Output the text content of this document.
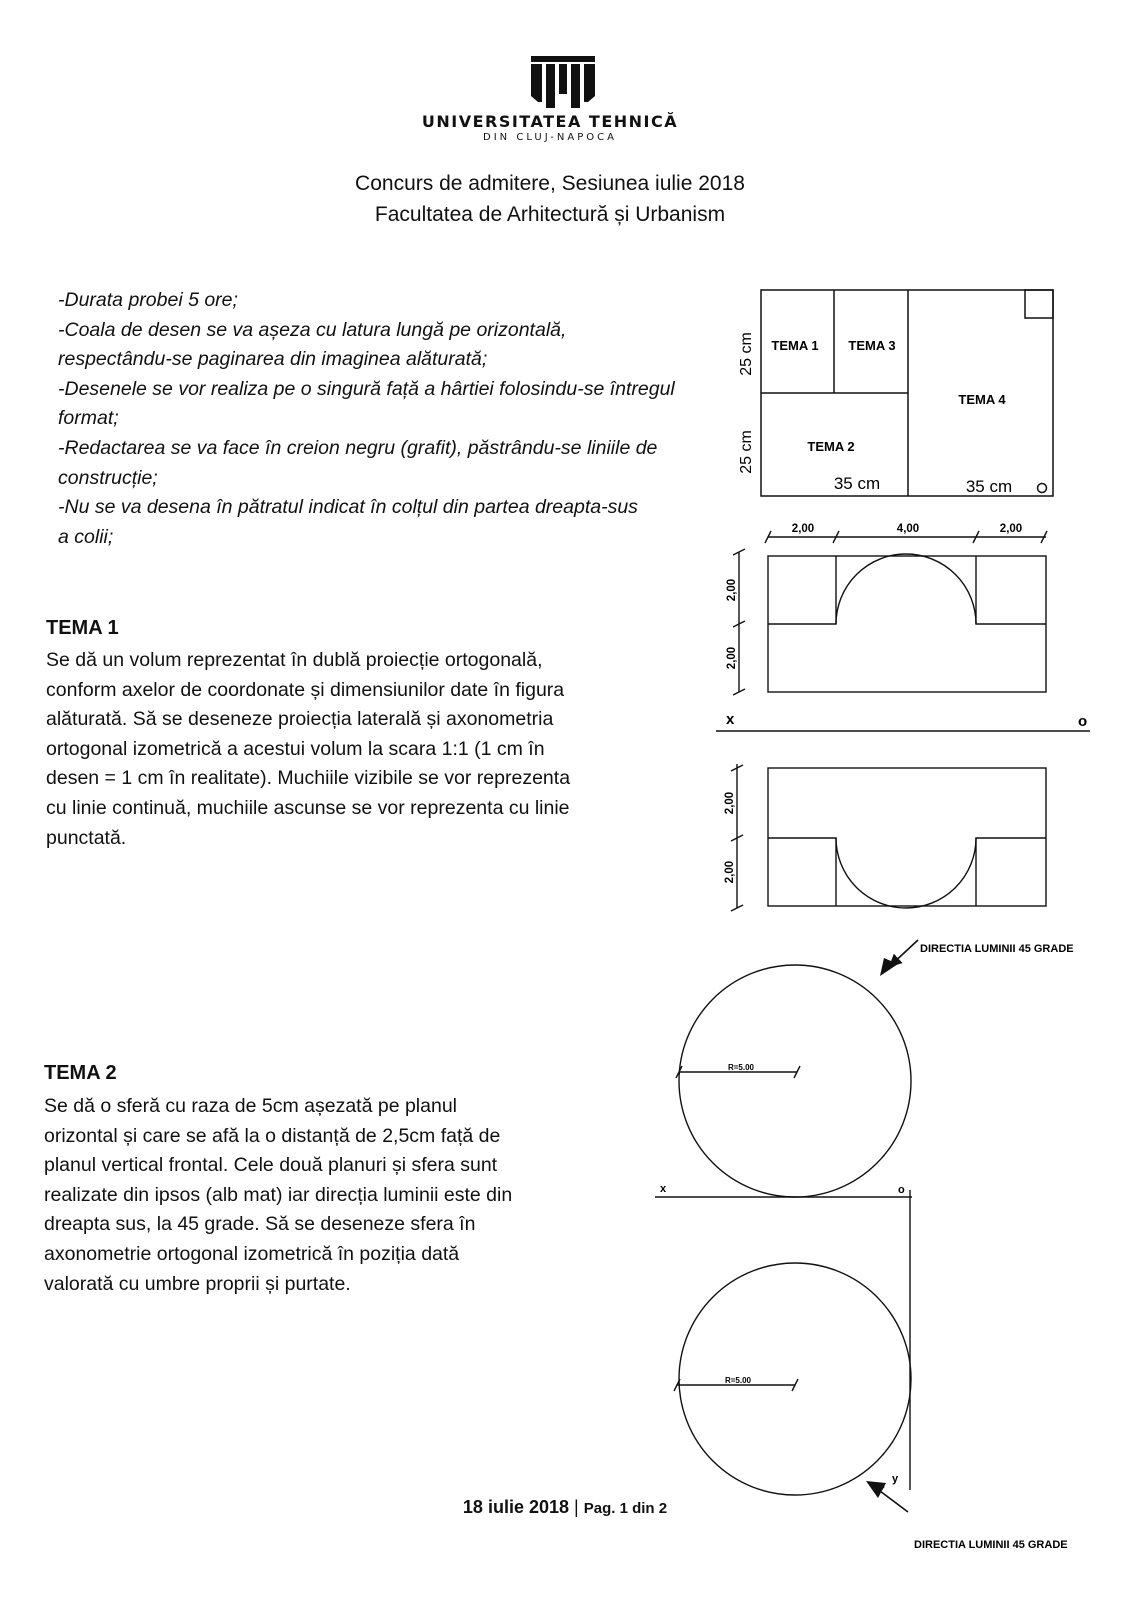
UNIVERSITATEA TEHNICĂ
DIN CLUJ-NAPOCA
Concurs de admitere, Sesiunea iulie 2018
Facultatea de Arhitectură și Urbanism
-Durata probei 5 ore;
-Coala de desen se va așeza cu latura lungă pe orizontală,
respectându-se paginarea din imaginea alăturată;
-Desenele se vor realiza pe o singură față a hârtiei folosindu-se întregul
format;
-Redactarea se va face în creion negru (grafit), păstrându-se liniile de
construcție;
-Nu se va desena în pătratul indicat în colțul din partea dreapta-sus
a colii;
TEMA 1
Se dă un volum reprezentat în dublă proiecție ortogonală,
conform axelor de coordonate și dimensiunilor date în figura
alăturată. Să se deseneze proiecția laterală și axonometria
ortogonal izometrică a acestui volum la scara 1:1 (1 cm în
desen = 1 cm în realitate). Muchiile vizibile se vor reprezenta
cu linie continuă, muchiile ascunse se vor reprezenta cu linie
punctată.
TEMA 2
Se dă o sferă cu raza de 5cm așezată pe planul
orizontal și care se afă la o distanță de 2,5cm față de
planul vertical frontal. Cele două planuri și sfera sunt
realizate din ipsos (alb mat) iar direcția luminii este din
dreapta sus, la 45 grade. Să se deseneze sfera în
axonometrie ortogonal izometrică în poziția dată
valorată cu umbre proprii și purtate.
TEMA 1 TEMA 3
TEMA 4
TEMA 2
35 cm	35 cm
25 cm
25 cm
2,00	4,00	2,00
2,00
2,00
2,00
2,00
x	o
DIRECTIA LUMINII 45 GRADE
DIRECTIA LUMINII 45 GRADE
R=5.00
R=5.00
x	o
y
18 iulie 2018 | Pag. 1 din 2
